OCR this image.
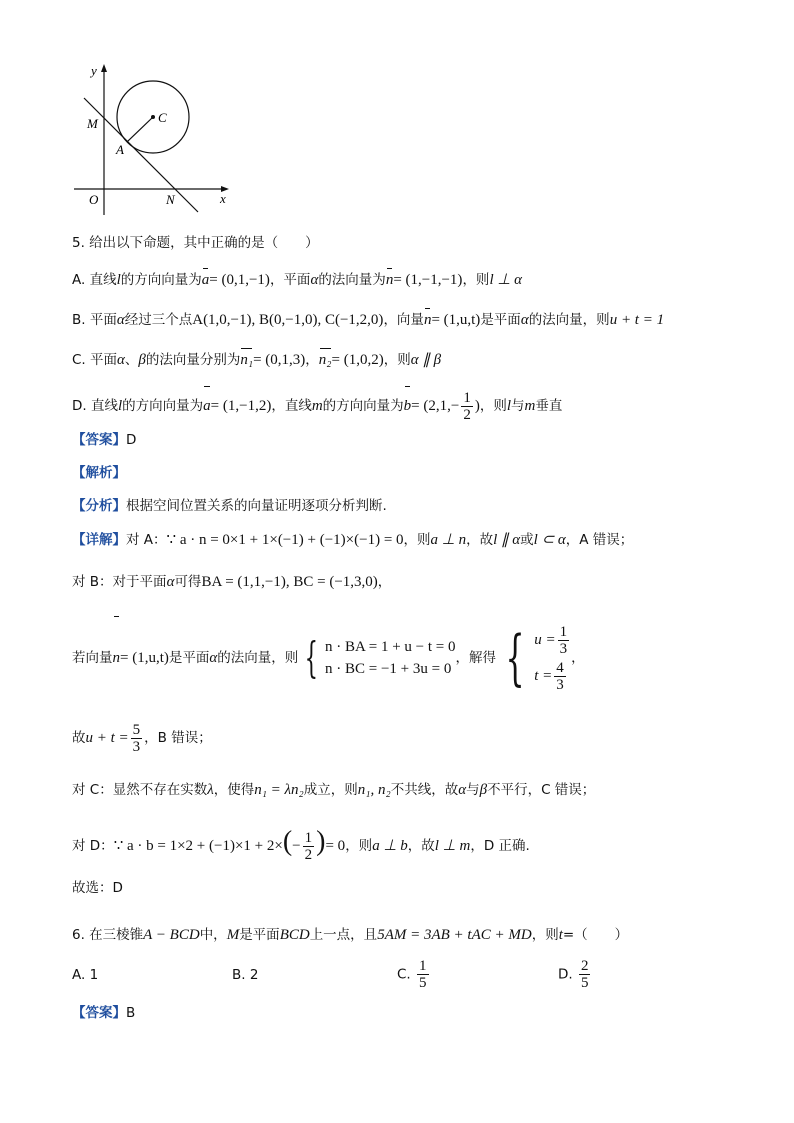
y
x
M	C
A
O	N
5. 给出以下命题，其中正确的是（　　）
A. 直线l的方向向量为a= (0,1,−1)，平面α的法向量为n= (1,−1,−1)，则l ⊥ α
B. 平面α经过三个点A(1,0,−1), B(0,−1,0), C(−1,2,0)，向量n= (1,u,t)是平面α的法向量，则u + t = 1
C. 平面α、β的法向量分别为n₁= (0,1,3)，n₂= (1,0,2)，则α ∥ β
D. 直线l的方向向量为a= (1,−1,2)，直线m的方向向量为$b= (2,1,- \frac{1}{2}$ )，则l与m垂直
【答案】D
【解析】
【分析】根据空间位置关系的向量证明逐项分析判断.
【详解】对 A：∵ a · n = 0×1 + 1×(−1) + (−1)×(−1) = 0，则a ⊥ n，故l ∥ α或l ⊂ α，A 错误；
对 B：对于平面α可得BA = (1,1,−1), BC = (−1,3,0)，
若向量n= (1,u,t)是平面α的法向量，则 { n · BA = 1 + u − t = 0
n · BC = −1 + 3u = 0
，解得 { $u = \frac{1}{3}$
$t = \frac{4}{3}$
，
故$u + t = \frac{5}{3}$ ，B 错误；
对 C：显然不存在实数λ，使得n₁ = λn₂成立，则n₁, n₂不共线，故α与β不平行，C 错误；
对 D：∵ $a \cdot b = 1\times 2 + (-1)\times 1 + 2\times(- \frac{1}{2}$ )= 0，则a ⊥ b，故l ⊥ m，D 正确.
故选：D
6. 在三棱锥A − BCD中，M是平面BCD上一点，且5AM = 3AB + tAC + MD，则t=（　　）
A. 1	B. 2	C. $\frac{1}{5}$	D. $\frac{2}{5}$
【答案】B
